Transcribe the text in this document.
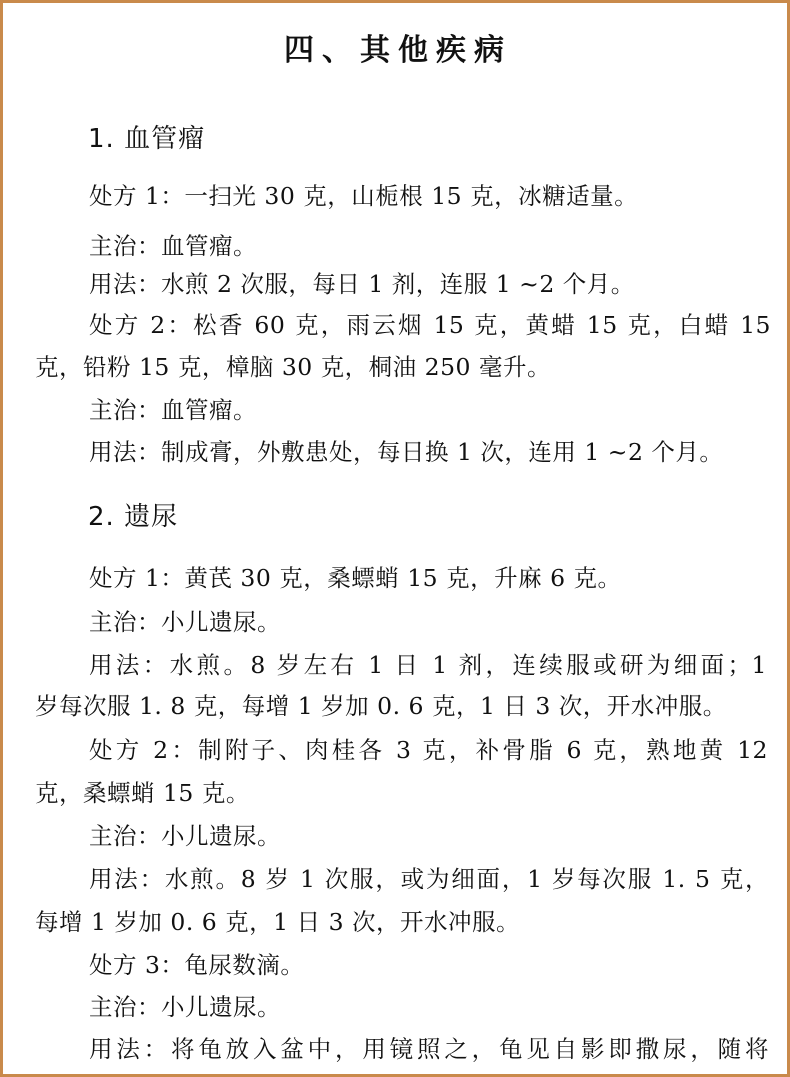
四、其他疾病
1. 血管瘤
处方 1：一扫光 30 克，山栀根 15 克，冰糖适量。
主治：血管瘤。
用法：水煎 2 次服，每日 1 剂，连服 1 ~2 个月。
处方 2：松香 60 克，雨云烟 15 克，黄蜡 15 克，白蜡 15
克，铅粉 15 克，樟脑 30 克，桐油 250 毫升。
主治：血管瘤。
用法：制成膏，外敷患处，每日换 1 次，连用 1 ~2 个月。
2. 遗尿
处方 1：黄芪 30 克，桑螵蛸 15 克，升麻 6 克。
主治：小儿遗尿。
用法：水煎。8 岁左右 1 日 1 剂，连续服或研为细面；1
岁每次服 1. 8 克，每增 1 岁加 0. 6 克，1 日 3 次，开水冲服。
处方 2：制附子、肉桂各 3 克，补骨脂 6 克，熟地黄 12
克，桑螵蛸 15 克。
主治：小儿遗尿。
用法：水煎。8 岁 1 次服，或为细面，1 岁每次服 1. 5 克，
每增 1 岁加 0. 6 克，1 日 3 次，开水冲服。
处方 3：龟尿数滴。
主治：小儿遗尿。
用法：将龟放入盆中，用镜照之，龟见自影即撒尿，随将
